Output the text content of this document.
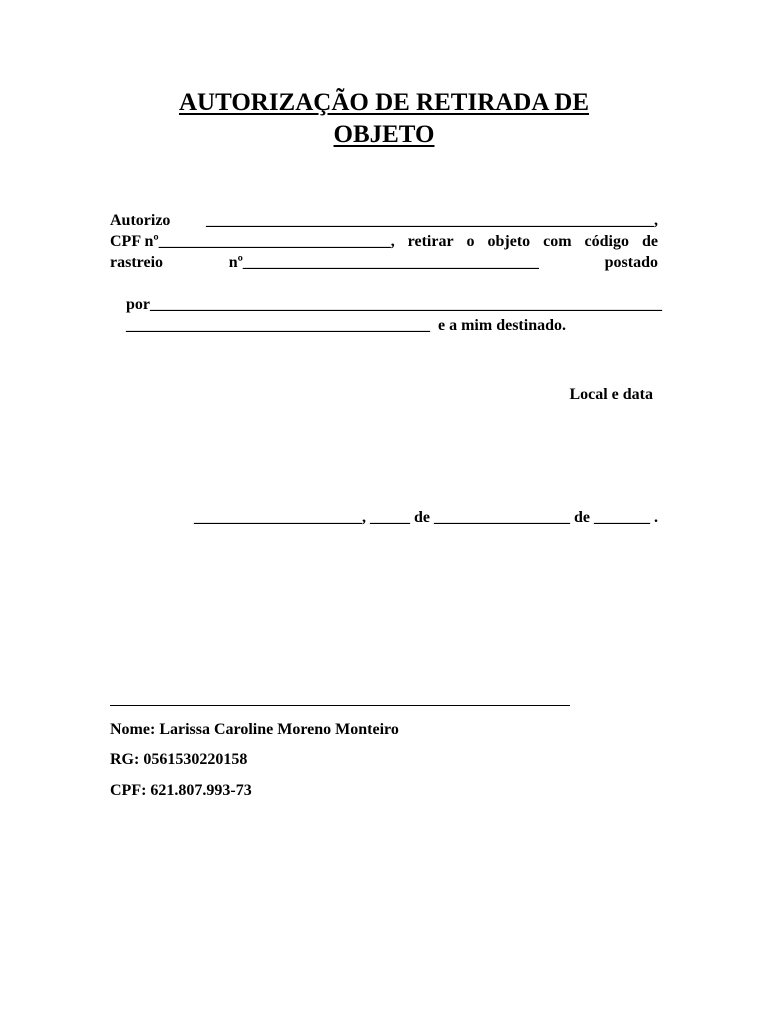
AUTORIZAÇÃO DE RETIRADA DE
OBJETO
Autorizo ________________________________________________________,
CPF nº_____________________________, retirar o objeto com código de
rastreio	nº_____________________________________	postado

por________________________________________________________________

______________________________________  e a mim destinado.

Local e data
_____________________, _____ de _________________ de _______ .
Nome: Larissa Caroline Moreno Monteiro
RG: 0561530220158
CPF: 621.807.993-73
